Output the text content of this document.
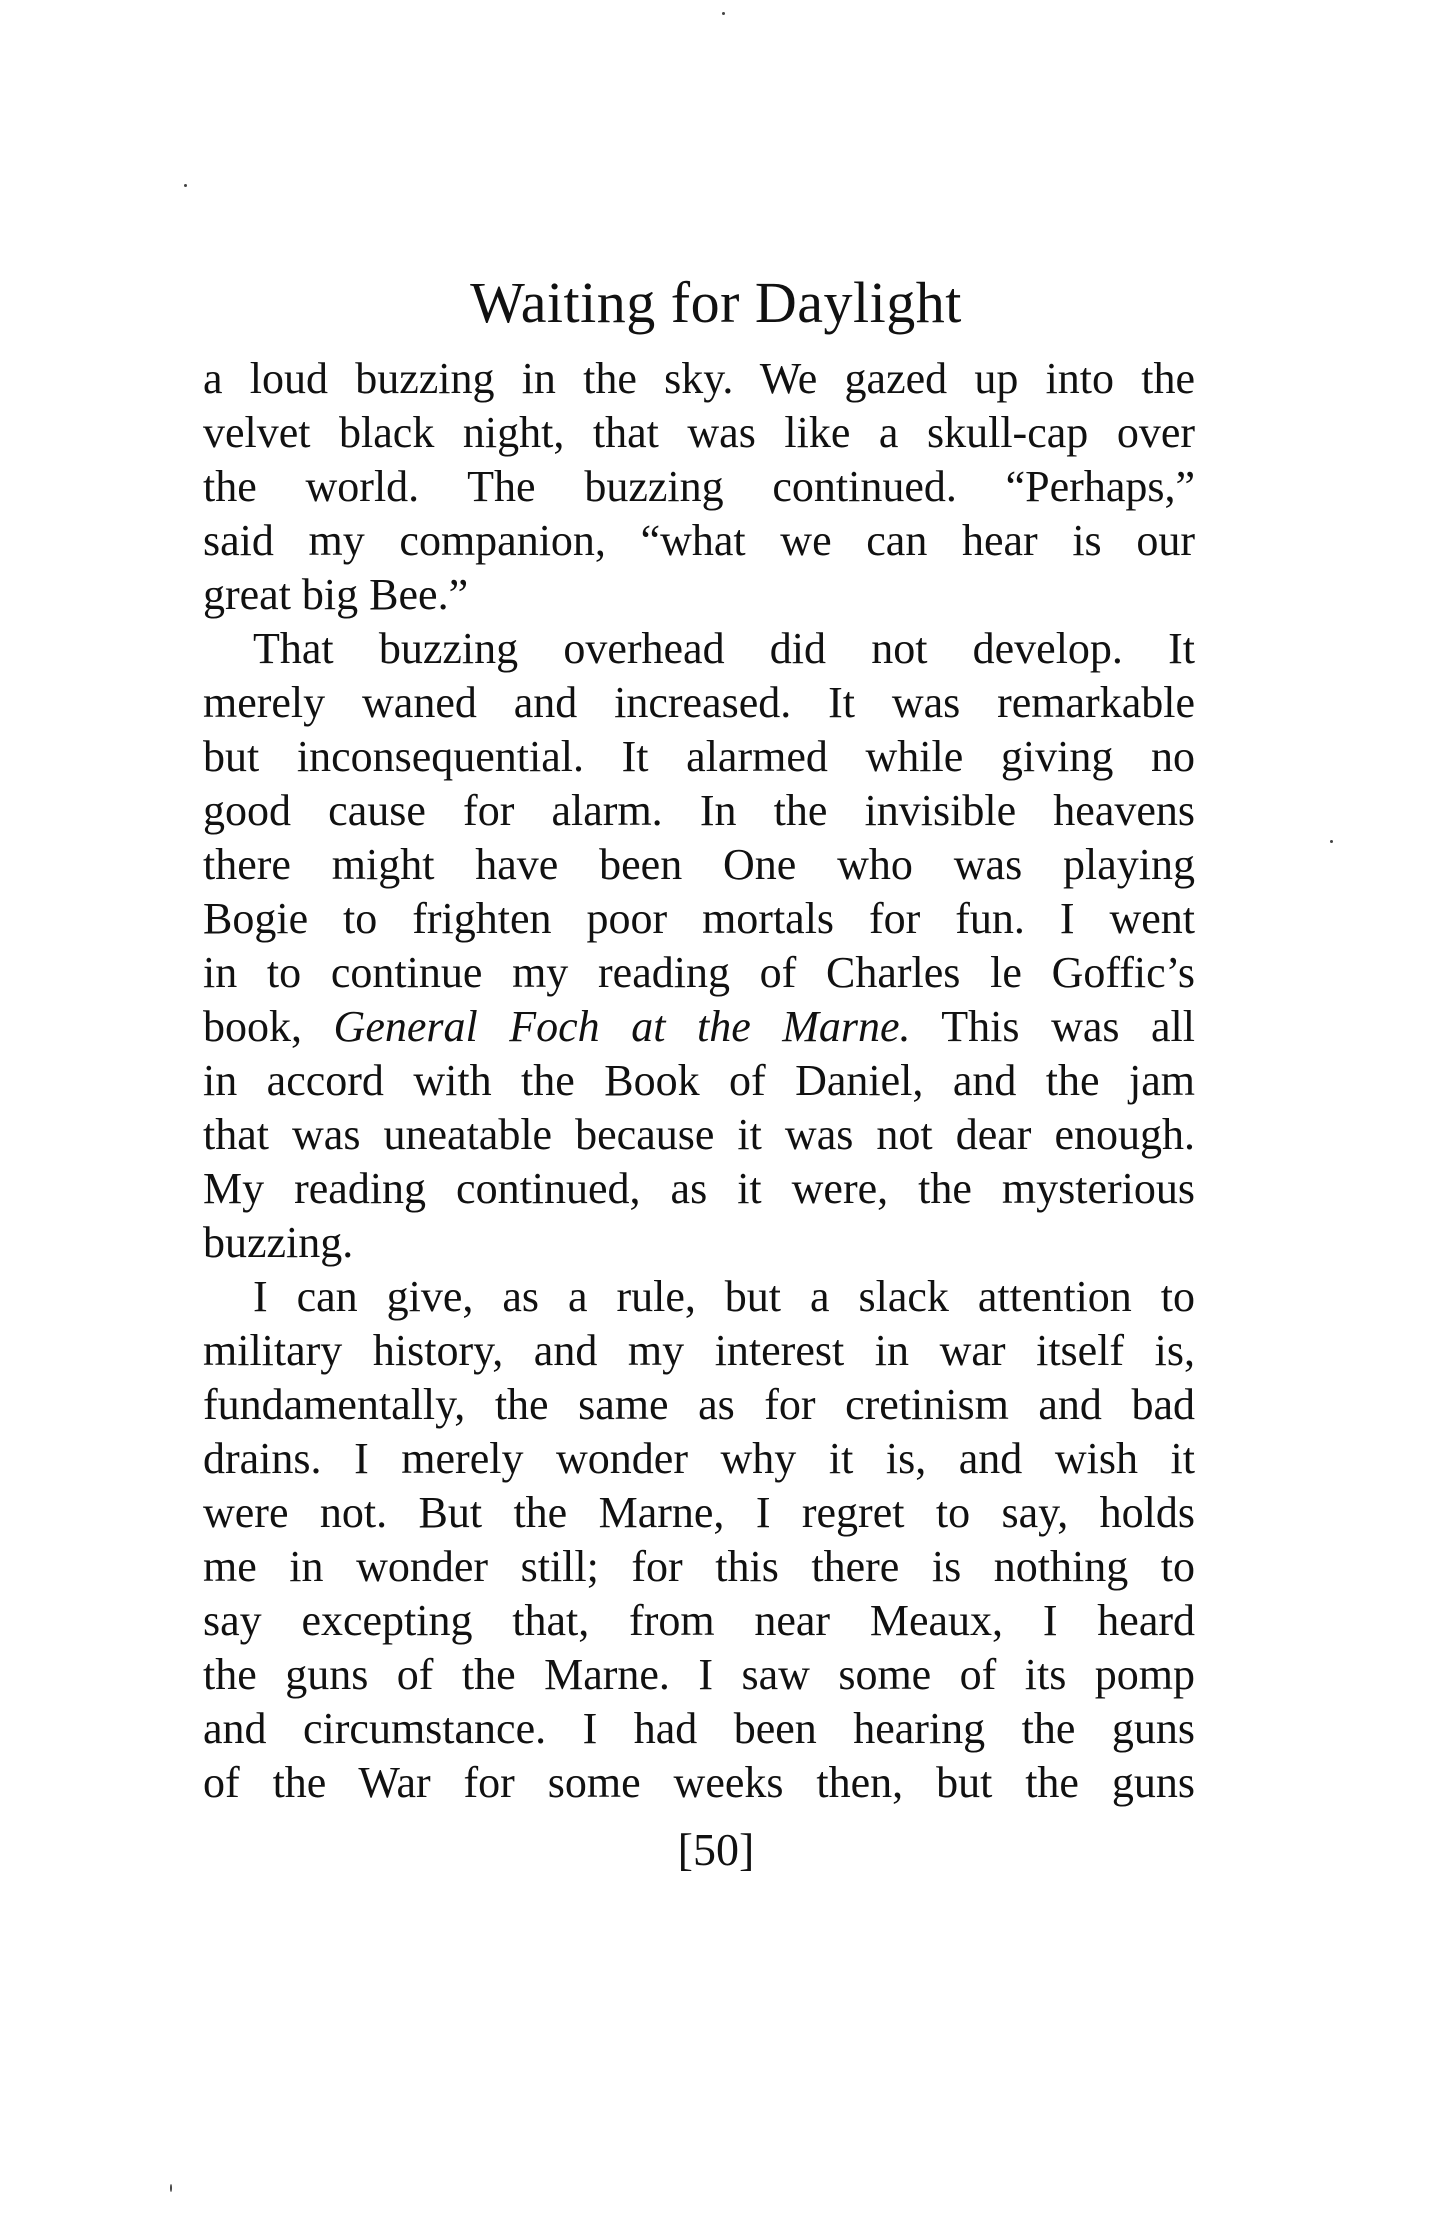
Waiting for Daylight
a loud buzzing in the sky. We gazed up into the
velvet black night, that was like a skull-cap over
the world. The buzzing continued. “Perhaps,”
said my companion, “what we can hear is our
great big Bee.”
That buzzing overhead did not develop. It
merely waned and increased. It was remarkable
but inconsequential. It alarmed while giving no
good cause for alarm. In the invisible heavens
there might have been One who was playing
Bogie to frighten poor mortals for fun. I went
in to continue my reading of Charles le Goffic’s
book, General Foch at the Marne. This was all
in accord with the Book of Daniel, and the jam
that was uneatable because it was not dear enough.
My reading continued, as it were, the mysterious
buzzing.
I can give, as a rule, but a slack attention to
military history, and my interest in war itself is,
fundamentally, the same as for cretinism and bad
drains. I merely wonder why it is, and wish it
were not. But the Marne, I regret to say, holds
me in wonder still; for this there is nothing to
say excepting that, from near Meaux, I heard
the guns of the Marne. I saw some of its pomp
and circumstance. I had been hearing the guns
of the War for some weeks then, but the guns
[50]
